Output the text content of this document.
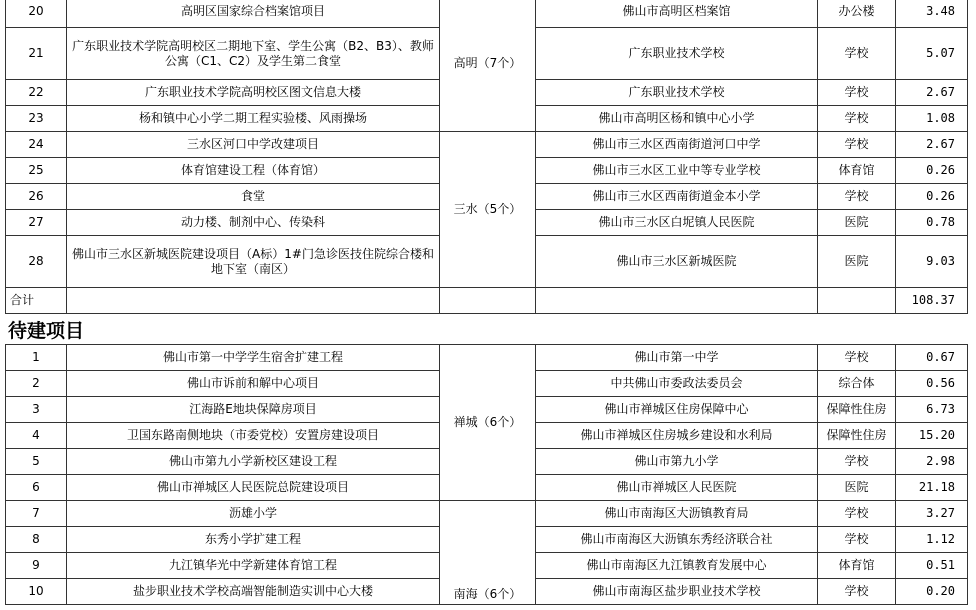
20	高明区国家综合档案馆项目	高明（7个）	佛山市高明区档案馆	办公楼	3.48
21	广东职业技术学院高明校区二期地下室、学生公寓（B2、B3）、教师公寓（C1、C2）及学生第二食堂		广东职业技术学校	学校	5.07
22	广东职业技术学院高明校区图文信息大楼		广东职业技术学校	学校	2.67
23	杨和镇中心小学二期工程实验楼、风雨操场		佛山市高明区杨和镇中心小学	学校	1.08
24	三水区河口中学改建项目	三水（5个）	佛山市三水区西南街道河口中学	学校	2.67
25	体育馆建设工程（体育馆）		佛山市三水区工业中等专业学校	体育馆	0.26
26	食堂		佛山市三水区西南街道金本小学	学校	0.26
27	动力楼、制剂中心、传染科		佛山市三水区白坭镇人民医院	医院	0.78
28	佛山市三水区新城医院建设项目（A标）1#门急诊医技住院综合楼和地下室（南区）		佛山市三水区新城医院	医院	9.03
合计					108.37
待建项目
1	佛山市第一中学学生宿舍扩建工程	禅城（6个）	佛山市第一中学	学校	0.67
2	佛山市诉前和解中心项目		中共佛山市委政法委员会	综合体	0.56
3	江海路E地块保障房项目		佛山市禅城区住房保障中心	保障性住房	6.73
4	卫国东路南侧地块（市委党校）安置房建设项目		佛山市禅城区住房城乡建设和水利局	保障性住房	15.20
5	佛山市第九小学新校区建设工程		佛山市第九小学	学校	2.98
6	佛山市禅城区人民医院总院建设项目		佛山市禅城区人民医院	医院	21.18
7	沥雄小学	南海（6个）	佛山市南海区大沥镇教育局	学校	3.27
8	东秀小学扩建工程		佛山市南海区大沥镇东秀经济联合社	学校	1.12
9	九江镇华光中学新建体育馆工程		佛山市南海区九江镇教育发展中心	体育馆	0.51
10	盐步职业技术学校高端智能制造实训中心大楼		佛山市南海区盐步职业技术学校	学校	0.20
